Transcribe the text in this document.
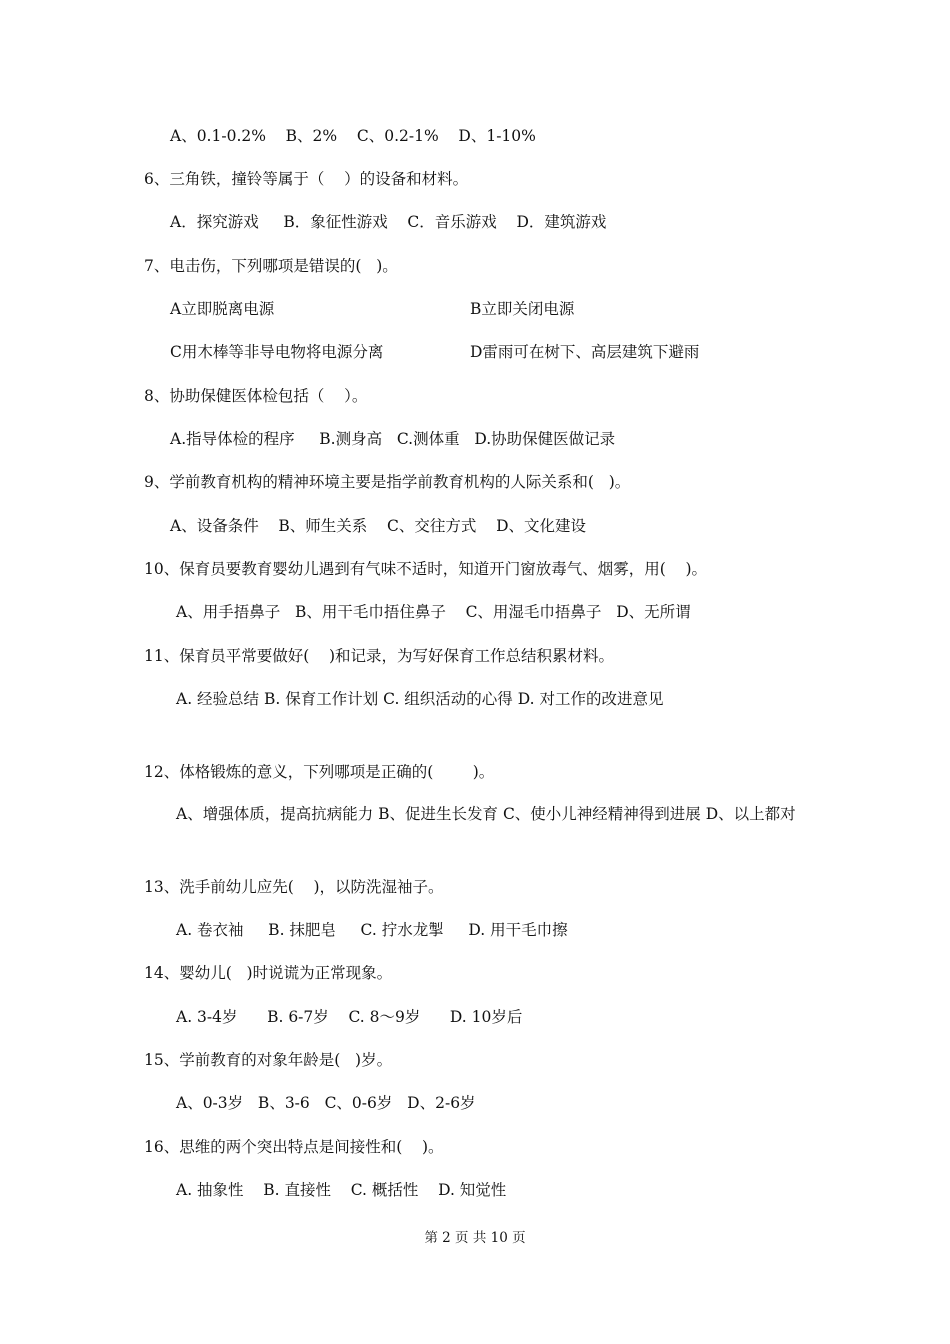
A、0.1-0.2%    B、2%    C、0.2-1%    D、1-10%
6、三角铁，撞铃等属于（    ）的设备和材料。
A．探究游戏     B．象征性游戏    C．音乐游戏    D．建筑游戏
7、电击伤，下列哪项是错误的(   )。
A立即脱离电源	B立即关闭电源
C用木棒等非导电物将电源分离	D雷雨可在树下、高层建筑下避雨
8、协助保健医体检包括（    ）。
A.指导体检的程序     B.测身高   C.测体重   D.协助保健医做记录
9、学前教育机构的精神环境主要是指学前教育机构的人际关系和(   )。
A、设备条件    B、师生关系    C、交往方式    D、文化建设
10、保育员要教育婴幼儿遇到有气味不适时，知道开门窗放毒气、烟雾，用(    )。
A、用手捂鼻子   B、用干毛巾捂住鼻子    C、用湿毛巾捂鼻子   D、无所谓
11、保育员平常要做好(    )和记录，为写好保育工作总结积累材料。
A. 经验总结 B. 保育工作计划 C. 组织活动的心得 D. 对工作的改进意见
12、体格锻炼的意义，下列哪项是正确的(        )。
A、增强体质，提高抗病能力 B、促进生长发育 C、使小儿神经精神得到进展 D、以上都对
13、洗手前幼儿应先(    )，以防洗湿袖子。
A. 卷衣袖     B. 抹肥皂     C. 拧水龙掣     D. 用干毛巾擦
14、婴幼儿(   )时说谎为正常现象。
A. 3-4岁      B. 6-7岁    C. 8～9岁      D. 10岁后
15、学前教育的对象年龄是(   )岁。
A、0-3岁   B、3-6   C、0-6岁   D、2-6岁
16、思维的两个突出特点是间接性和(    )。
A. 抽象性    B. 直接性    C. 概括性    D. 知觉性
第 2 页 共 10 页
